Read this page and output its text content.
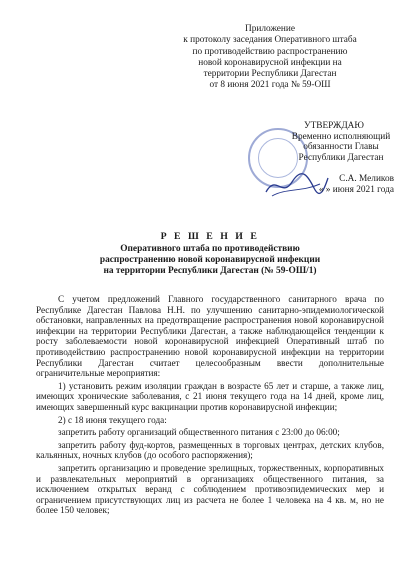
Приложение
к протоколу заседания Оперативного штаба
по противодействию распространению
новой коронавирусной инфекции на
территории Республики Дагестан
от 8 июня 2021 года № 59-ОШ
УТВЕРЖДАЮ
Временно исполняющий
обязанности Главы
Республики Дагестан
С.А. Меликов
« » июня 2021 года
Р Е Ш Е Н И Е
Оперативного штаба по противодействию
распространению новой коронавирусной инфекции
на территории Республики Дагестан (№ 59-ОШ/1)

С учетом предложений Главного государственного санитарного врача по Республике Дагестан Павлова Н.Н. по улучшению санитарно-эпидемиологической обстановки, направленных на предотвращение распространения новой коронавирусной инфекции на территории Республики Дагестан, а также наблюдающейся тенденции к росту заболеваемости новой коронавирусной инфекцией Оперативный штаб по противодействию распространению новой коронавирусной инфекции на территории Республики Дагестан считает целесообразным ввести дополнительные ограничительные мероприятия:

1) установить режим изоляции граждан в возрасте 65 лет и старше, а также лиц, имеющих хронические заболевания, с 21 июня текущего года на 14 дней, кроме лиц, имеющих завершенный курс вакцинации против коронавирусной инфекции;

2) с 18 июня текущего года:

запретить работу организаций общественного питания с 23:00 до 06:00;

запретить работу фуд-кортов, размещенных в торговых центрах, детских клубов, кальянных, ночных клубов (до особого распоряжения);

запретить организацию и проведение зрелищных, торжественных, корпоративных и развлекательных мероприятий в организациях общественного питания, за исключением открытых веранд с соблюдением противоэпидемических мер и ограничением присутствующих лиц из расчета не более 1 человека на 4 кв. м, но не более 150 человек;
